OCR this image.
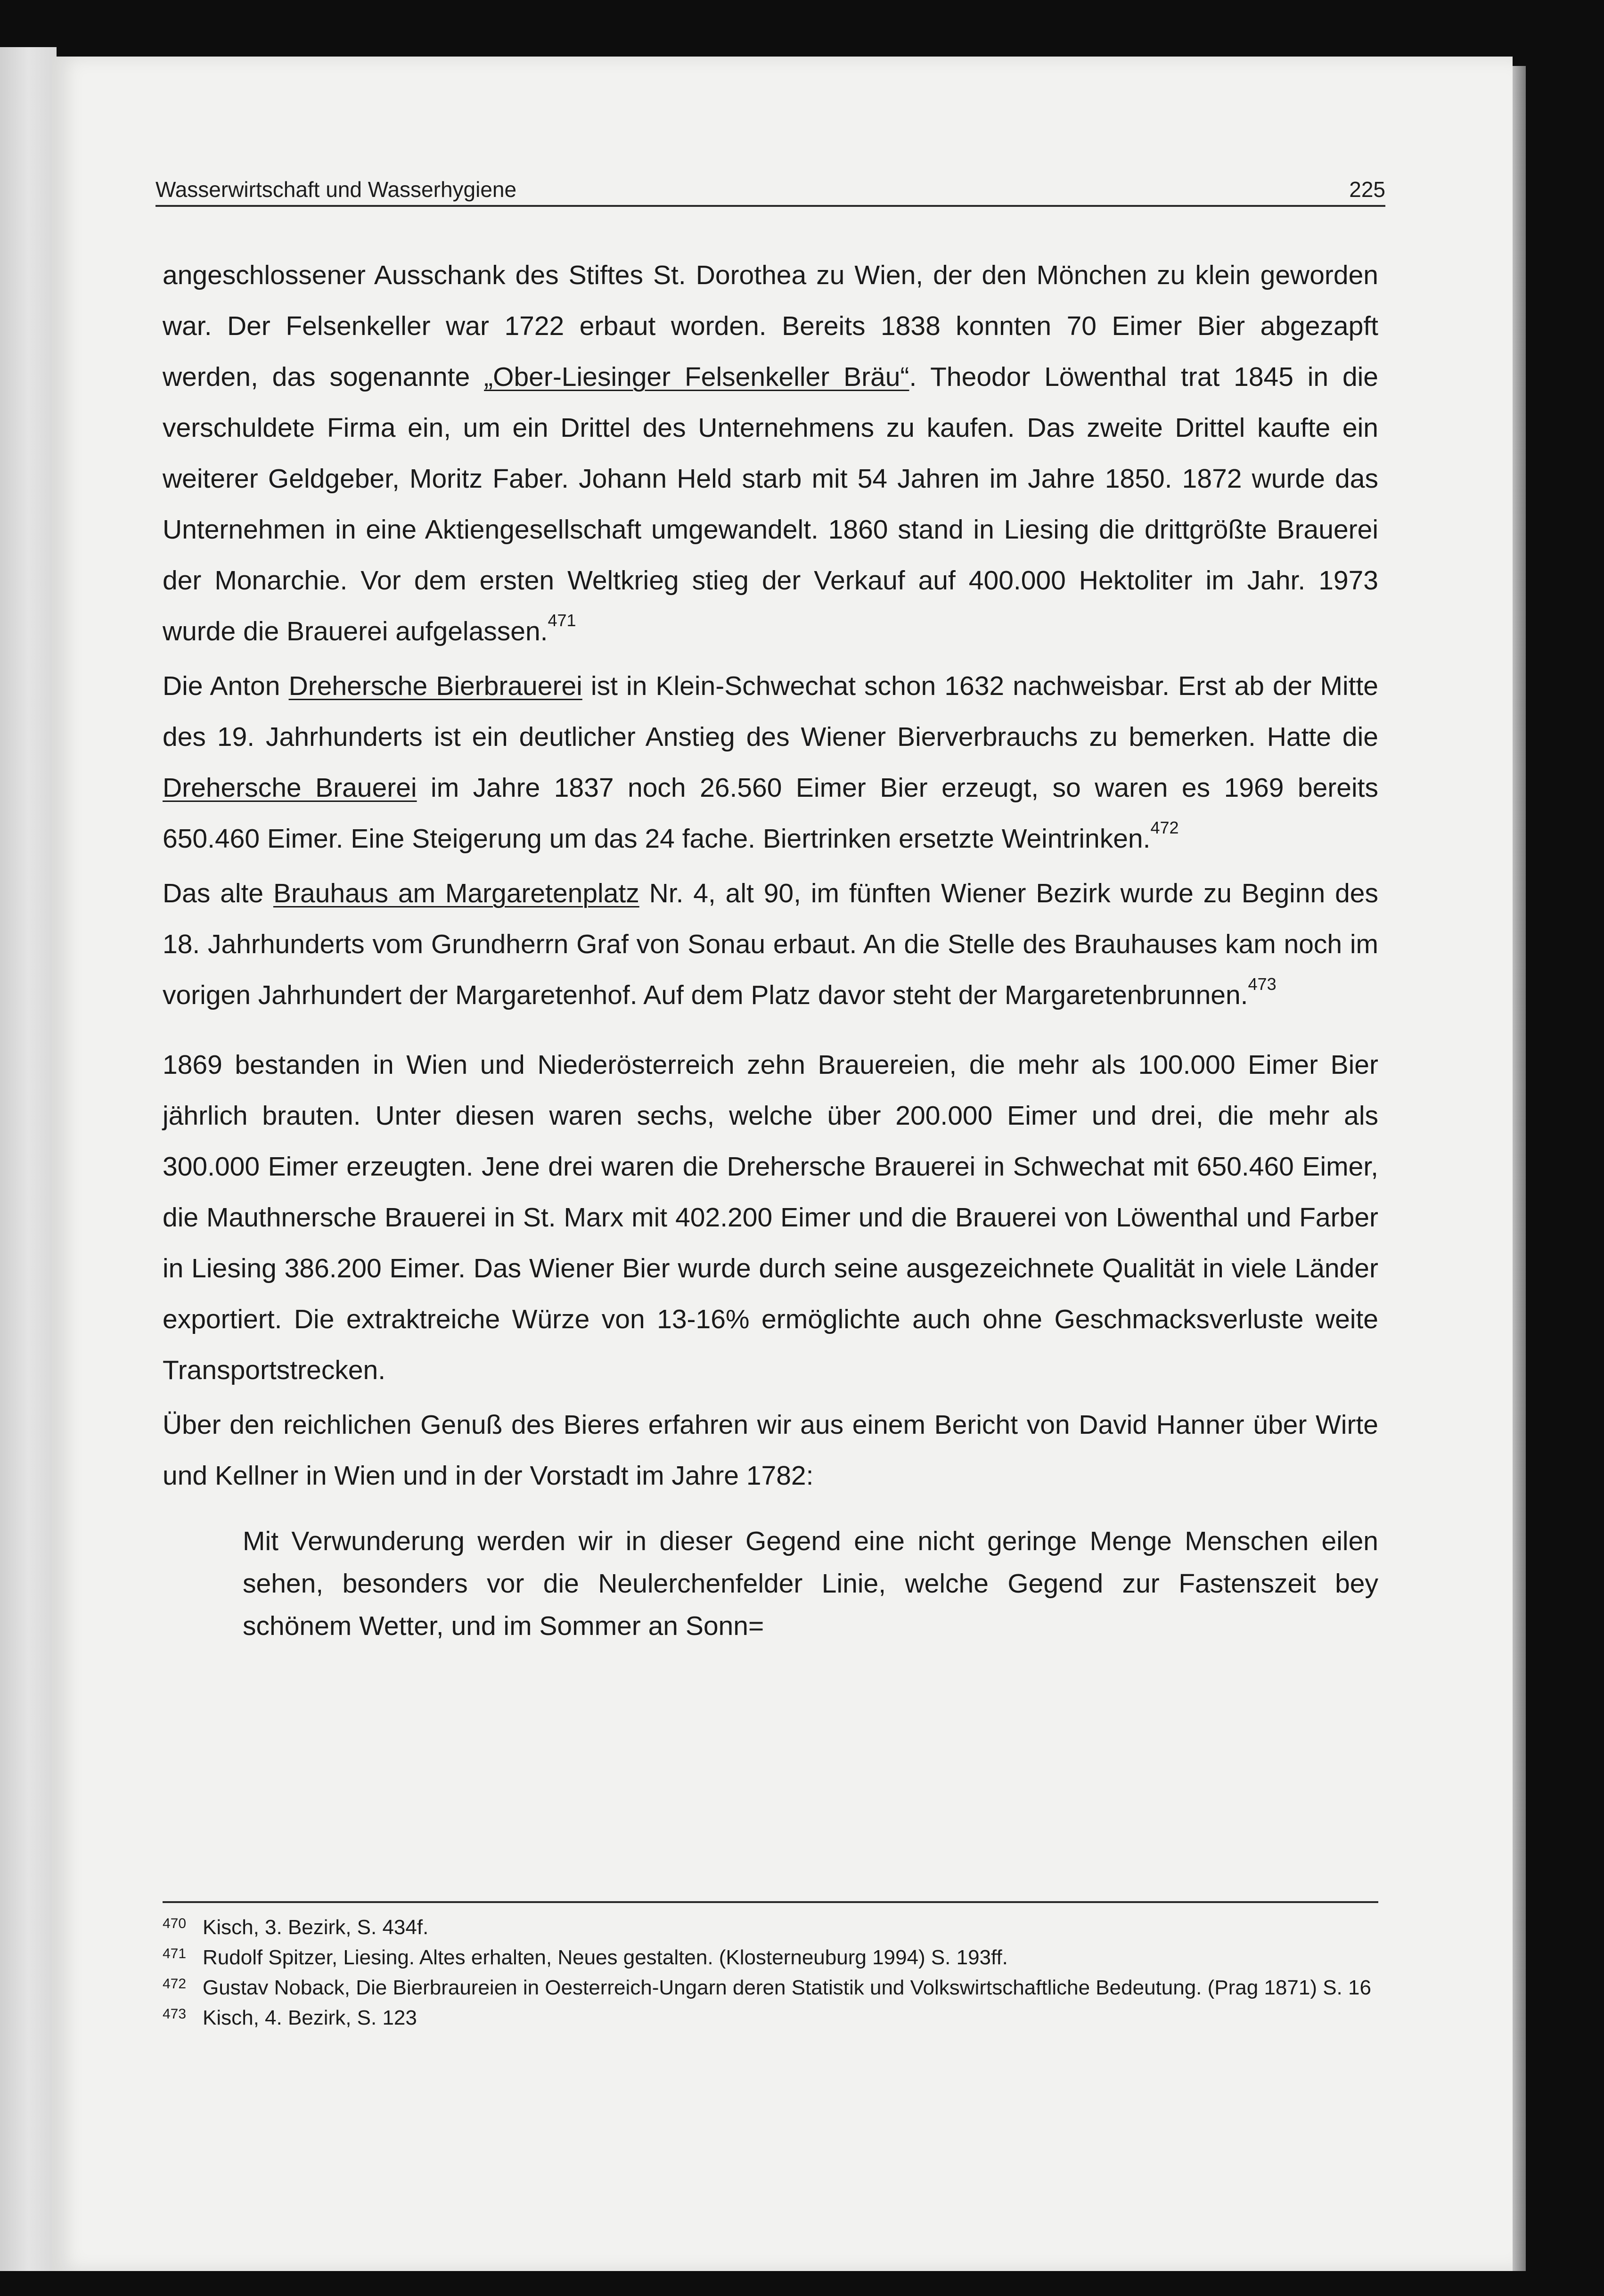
Wasserwirtschaft und Wasserhygiene	225

angeschlossener Ausschank des Stiftes St. Dorothea zu Wien, der den Mönchen zu klein geworden war. Der Felsenkeller war 1722 erbaut worden. Bereits 1838 konnten 70 Eimer Bier abgezapft werden, das sogenannte „Ober-Liesinger Felsenkeller Bräu“. Theodor Löwenthal trat 1845 in die verschuldete Firma ein, um ein Drittel des Unternehmens zu kaufen. Das zweite Drittel kaufte ein weiterer Geldgeber, Moritz Faber. Johann Held starb mit 54 Jahren im Jahre 1850. 1872 wurde das Unternehmen in eine Aktiengesellschaft umgewandelt. 1860 stand in Liesing die drittgrößte Brauerei der Monarchie. Vor dem ersten Weltkrieg stieg der Verkauf auf 400.000 Hektoliter im Jahr. 1973 wurde die Brauerei aufgelassen.$^{471}$

Die Anton Drehersche Bierbrauerei ist in Klein-Schwechat schon 1632 nachweisbar. Erst ab der Mitte des 19. Jahrhunderts ist ein deutlicher Anstieg des Wiener Bierverbrauchs zu bemerken. Hatte die Drehersche Brauerei im Jahre 1837 noch 26.560 Eimer Bier erzeugt, so waren es 1969 bereits 650.460 Eimer. Eine Steigerung um das 24 fache. Biertrinken ersetzte Weintrinken.$^{472}$

Das alte Brauhaus am Margaretenplatz Nr. 4, alt 90, im fünften Wiener Bezirk wurde zu Beginn des 18. Jahrhunderts vom Grundherrn Graf von Sonau erbaut. An die Stelle des Brauhauses kam noch im vorigen Jahrhundert der Margaretenhof. Auf dem Platz davor steht der Margaretenbrunnen.$^{473}$

1869 bestanden in Wien und Niederösterreich zehn Brauereien, die mehr als 100.000 Eimer Bier jährlich brauten. Unter diesen waren sechs, welche über 200.000 Eimer und drei, die mehr als 300.000 Eimer erzeugten. Jene drei waren die Drehersche Brauerei in Schwechat mit 650.460 Eimer, die Mauthnersche Brauerei in St. Marx mit 402.200 Eimer und die Brauerei von Löwenthal und Farber in Liesing 386.200 Eimer. Das Wiener Bier wurde durch seine ausgezeichnete Qualität in viele Länder exportiert. Die extraktreiche Würze von 13-16% ermöglichte auch ohne Geschmacksverluste weite Transportstrecken.

Über den reichlichen Genuß des Bieres erfahren wir aus einem Bericht von David Hanner über Wirte und Kellner in Wien und in der Vorstadt im Jahre 1782:

Mit Verwunderung werden wir in dieser Gegend eine nicht geringe Menge Menschen eilen sehen, besonders vor die Neulerchenfelder Linie, welche Gegend zur Fastenszeit bey schönem Wetter, und im Sommer an Sonn=

470 Kisch, 3. Bezirk, S. 434f.
471 Rudolf Spitzer, Liesing. Altes erhalten, Neues gestalten. (Klosterneuburg 1994) S. 193ff.
472 Gustav Noback, Die Bierbraureien in Oesterreich-Ungarn deren Statistik und Volkswirtschaftliche Bedeutung. (Prag 1871) S. 16
473 Kisch, 4. Bezirk, S. 123
